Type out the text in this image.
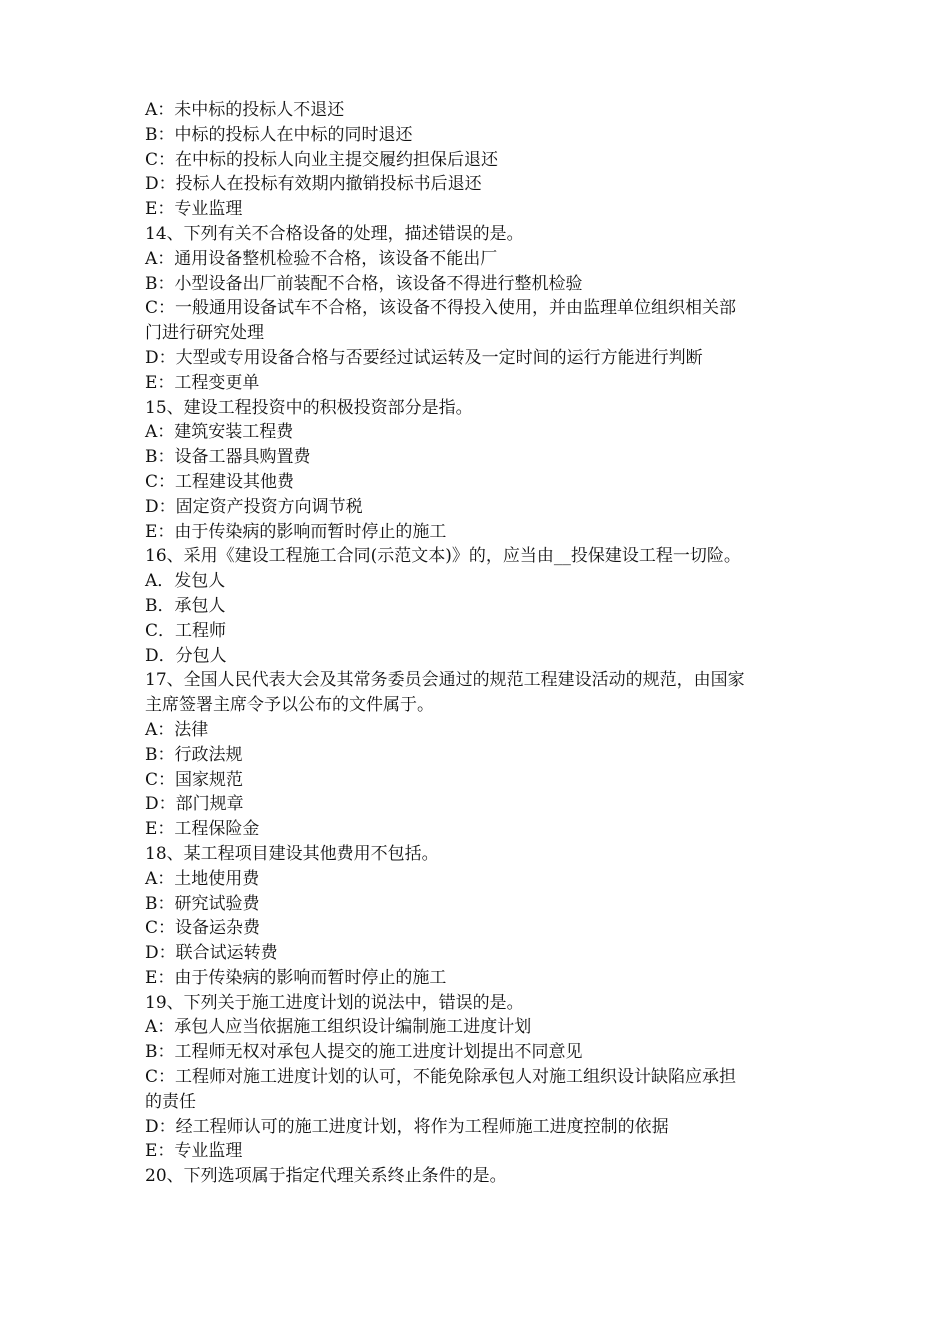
A：未中标的投标人不退还
B：中标的投标人在中标的同时退还
C：在中标的投标人向业主提交履约担保后退还
D：投标人在投标有效期内撤销投标书后退还
E：专业监理
14、下列有关不合格设备的处理，描述错误的是。
A：通用设备整机检验不合格，该设备不能出厂
B：小型设备出厂前装配不合格，该设备不得进行整机检验
C：一般通用设备试车不合格，该设备不得投入使用，并由监理单位组织相关部
门进行研究处理
D：大型或专用设备合格与否要经过试运转及一定时间的运行方能进行判断
E：工程变更单
15、建设工程投资中的积极投资部分是指。
A：建筑安装工程费
B：设备工器具购置费
C：工程建设其他费
D：固定资产投资方向调节税
E：由于传染病的影响而暂时停止的施工
16、采用《建设工程施工合同(示范文本)》的，应当由__投保建设工程一切险。
A．发包人
B．承包人
C．工程师
D．分包人
17、全国人民代表大会及其常务委员会通过的规范工程建设活动的规范，由国家
主席签署主席令予以公布的文件属于。
A：法律
B：行政法规
C：国家规范
D：部门规章
E：工程保险金
18、某工程项目建设其他费用不包括。
A：土地使用费
B：研究试验费
C：设备运杂费
D：联合试运转费
E：由于传染病的影响而暂时停止的施工
19、下列关于施工进度计划的说法中，错误的是。
A：承包人应当依据施工组织设计编制施工进度计划
B：工程师无权对承包人提交的施工进度计划提出不同意见
C：工程师对施工进度计划的认可，不能免除承包人对施工组织设计缺陷应承担
的责任
D：经工程师认可的施工进度计划，将作为工程师施工进度控制的依据
E：专业监理
20、下列选项属于指定代理关系终止条件的是。
